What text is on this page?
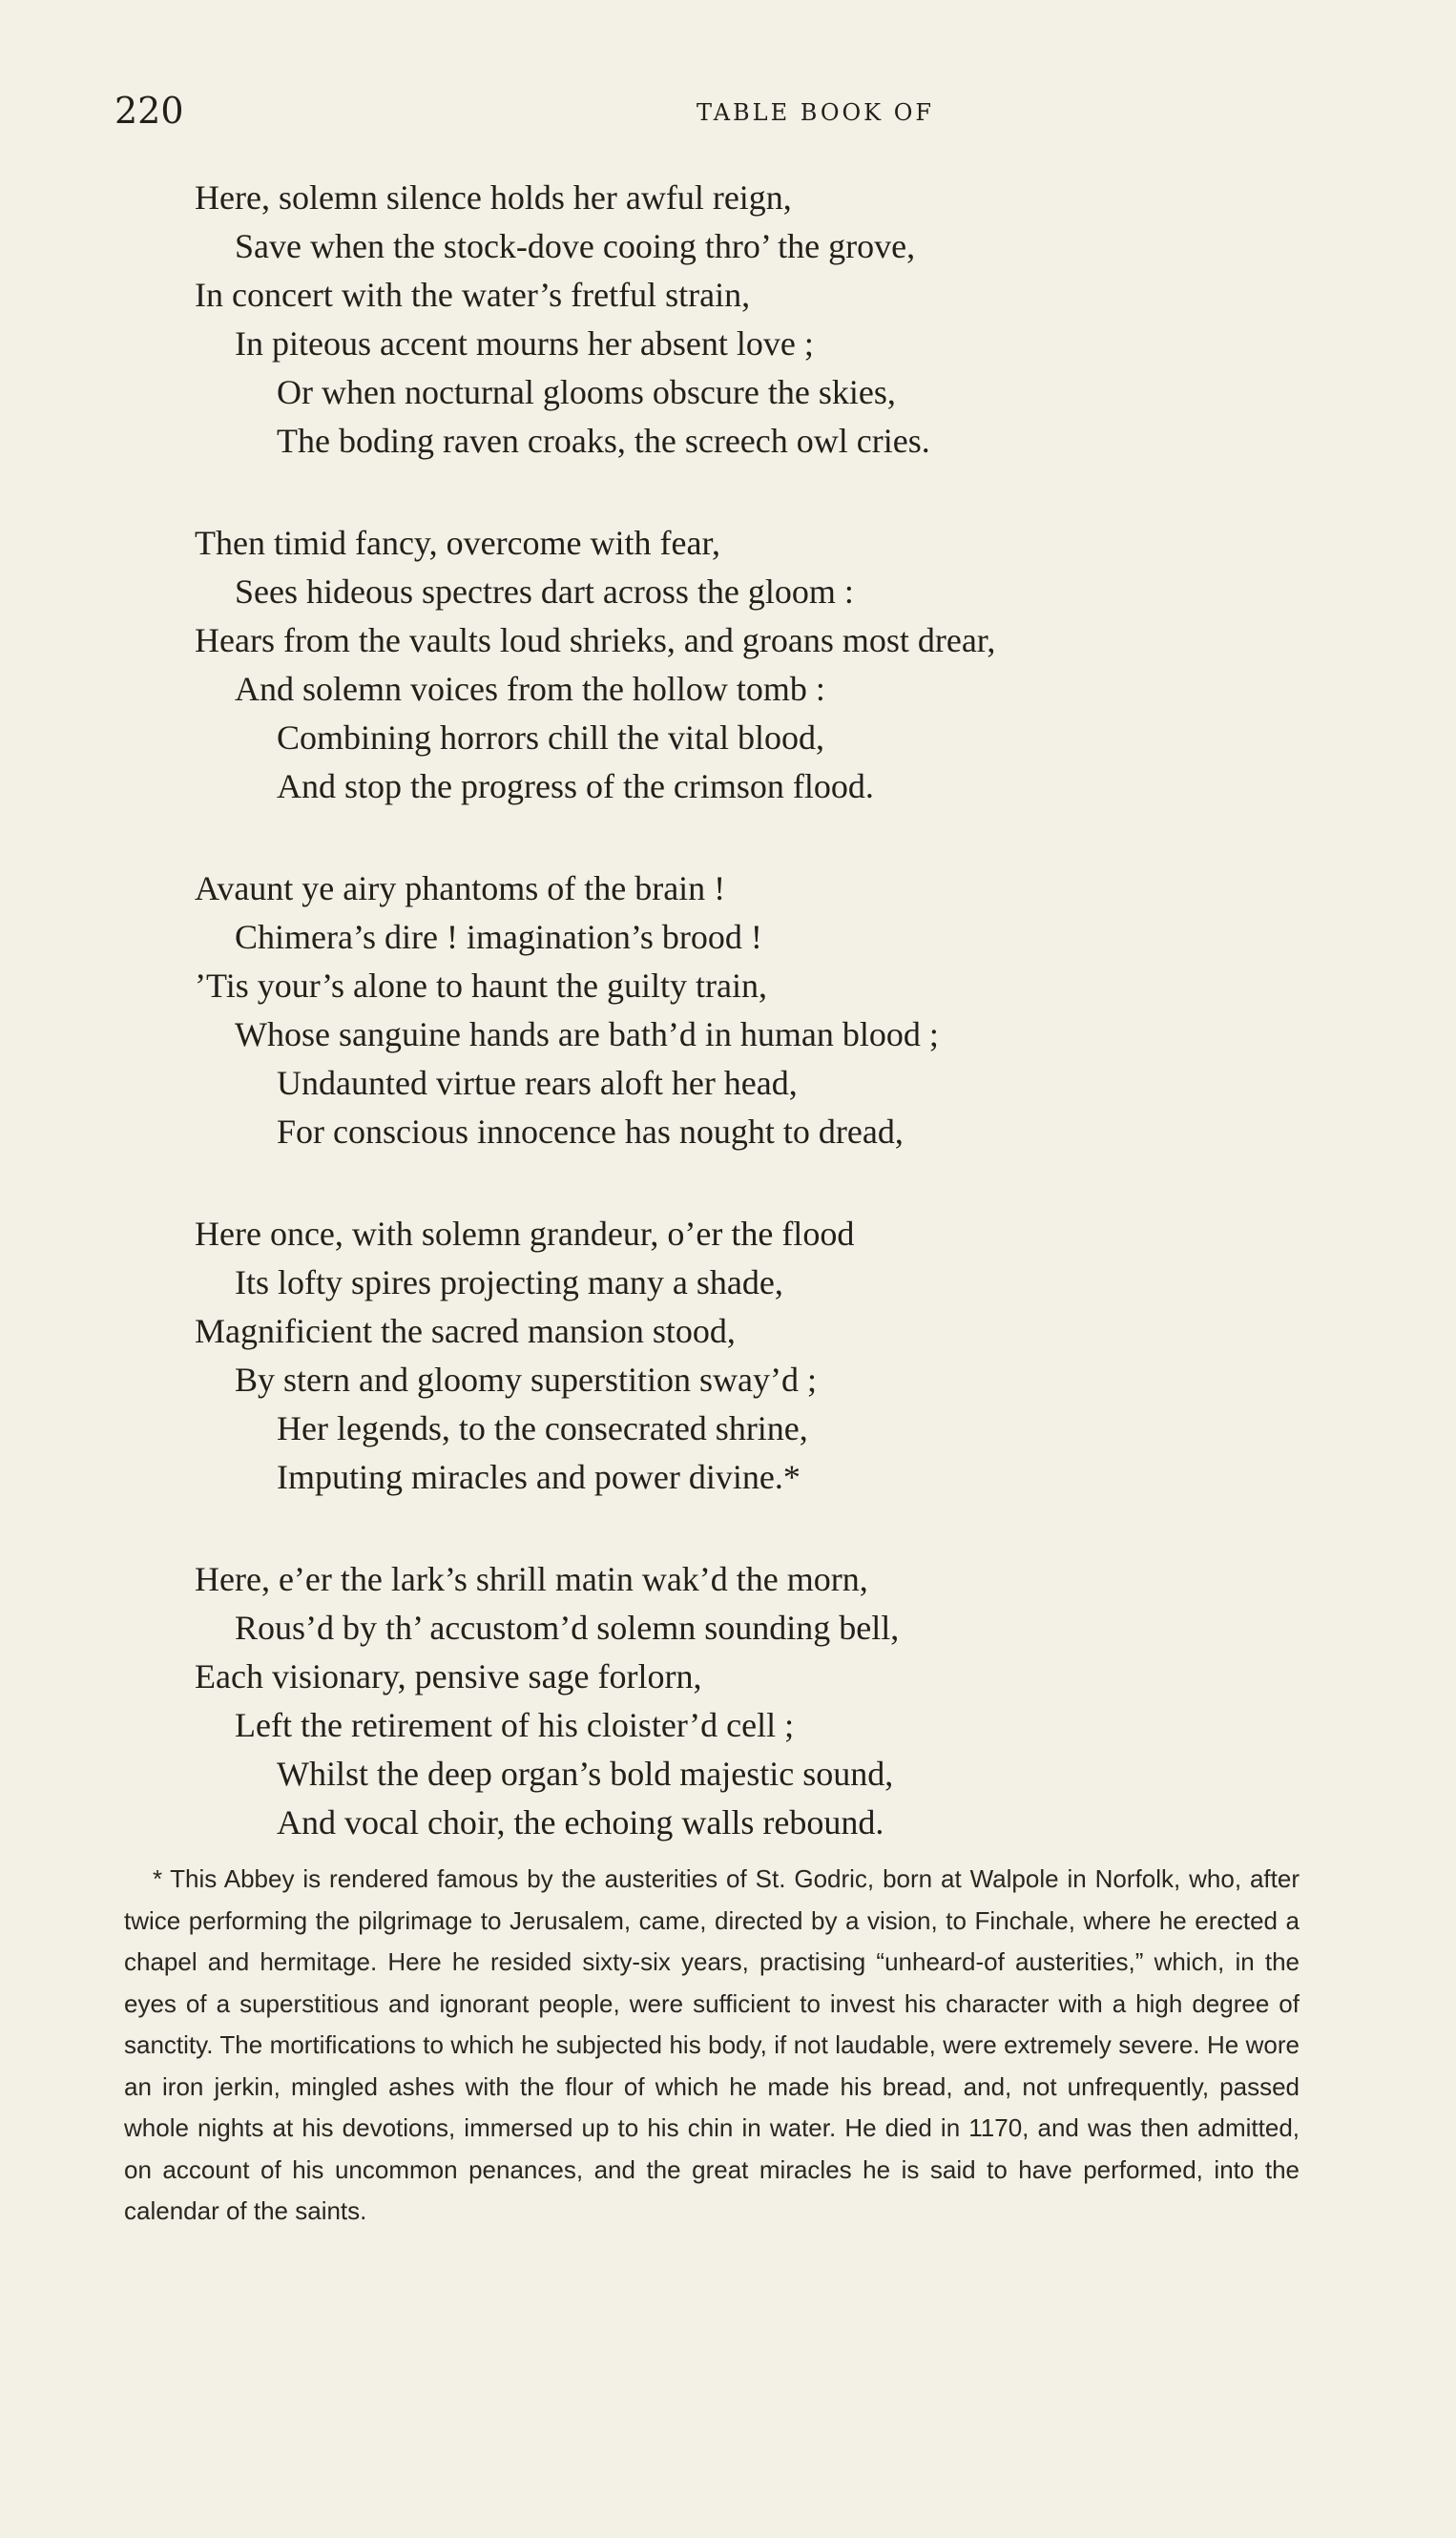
220	TABLE BOOK OF
Here, solemn silence holds her awful reign,
Save when the stock-dove cooing thro’ the grove,
In concert with the water’s fretful strain,
In piteous accent mourns her absent love ;
Or when nocturnal glooms obscure the skies,
The boding raven croaks, the screech owl cries.
Then timid fancy, overcome with fear,
Sees hideous spectres dart across the gloom :
Hears from the vaults loud shrieks, and groans most drear,
And solemn voices from the hollow tomb :
Combining horrors chill the vital blood,
And stop the progress of the crimson flood.
Avaunt ye airy phantoms of the brain !
Chimera’s dire ! imagination’s brood !
’Tis your’s alone to haunt the guilty train,
Whose sanguine hands are bath’d in human blood ;
Undaunted virtue rears aloft her head,
For conscious innocence has nought to dread,
Here once, with solemn grandeur, o’er the flood
Its lofty spires projecting many a shade,
Magnificient the sacred mansion stood,
By stern and gloomy superstition sway’d ;
Her legends, to the consecrated shrine,
Imputing miracles and power divine.*
Here, e’er the lark’s shrill matin wak’d the morn,
Rous’d by th’ accustom’d solemn sounding bell,
Each visionary, pensive sage forlorn,
Left the retirement of his cloister’d cell ;
Whilst the deep organ’s bold majestic sound,
And vocal choir, the echoing walls rebound.
* This Abbey is rendered famous by the austerities of St. Godric, born at Walpole in Norfolk, who, after twice performing the pilgrimage to Jerusalem, came, directed by a vision, to Finchale, where he erected a chapel and hermitage. Here he resided sixty-six years, practising “unheard-of austerities,” which, in the eyes of a superstitious and ignorant people, were sufficient to invest his character with a high degree of sanctity. The mortifications to which he subjected his body, if not laudable, were extremely severe. He wore an iron jerkin, mingled ashes with the flour of which he made his bread, and, not unfrequently, passed whole nights at his devotions, immersed up to his chin in water. He died in 1170, and was then admitted, on account of his uncommon penances, and the great miracles he is said to have performed, into the calendar of the saints.
